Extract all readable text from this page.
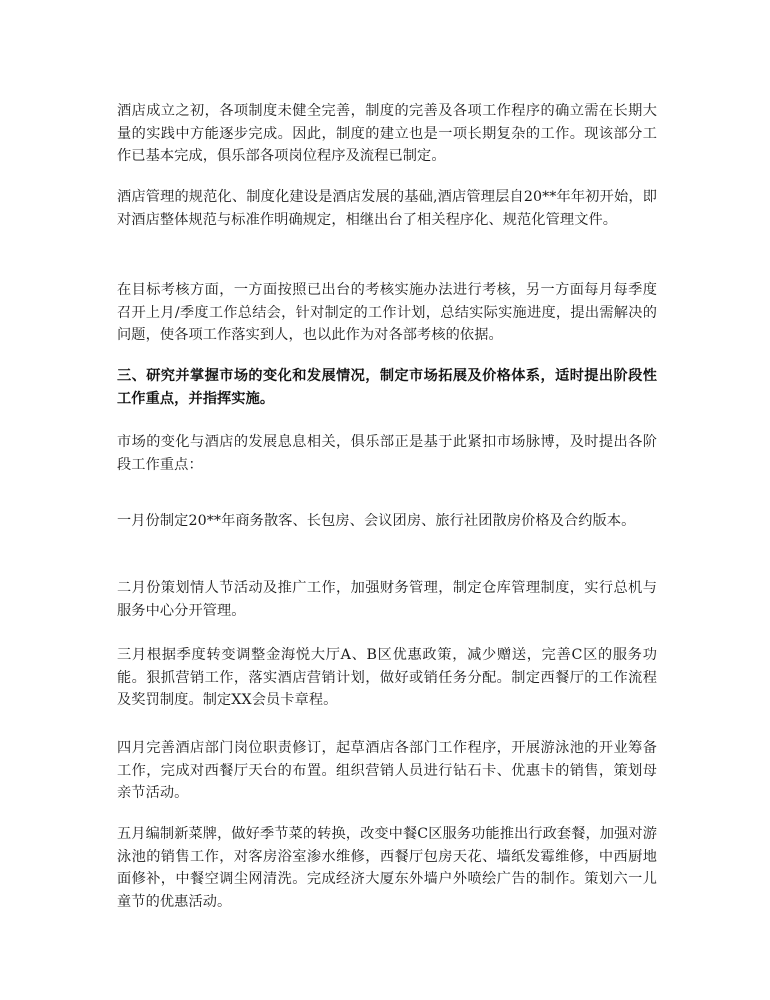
酒店成立之初，各项制度未健全完善，制度的完善及各项工作程序的确立需在长期大量的实践中方能逐步完成。因此，制度的建立也是一项长期复杂的工作。现该部分工作已基本完成，俱乐部各项岗位程序及流程已制定。

酒店管理的规范化、制度化建设是酒店发展的基础,酒店管理层自20**年年初开始，即对酒店整体规范与标准作明确规定，相继出台了相关程序化、规范化管理文件。

在目标考核方面，一方面按照已出台的考核实施办法进行考核，另一方面每月每季度召开上月/季度工作总结会，针对制定的工作计划，总结实际实施进度，提出需解决的问题，使各项工作落实到人，也以此作为对各部考核的依据。

三、研究并掌握市场的变化和发展情况，制定市场拓展及价格体系，适时提出阶段性工作重点，并指挥实施。

市场的变化与酒店的发展息息相关，俱乐部正是基于此紧扣市场脉博，及时提出各阶段工作重点：

一月份制定20**年商务散客、长包房、会议团房、旅行社团散房价格及合约版本。

二月份策划情人节活动及推广工作，加强财务管理，制定仓库管理制度，实行总机与服务中心分开管理。

三月根据季度转变调整金海悦大厅A、B区优惠政策，减少赠送，完善C区的服务功能。狠抓营销工作，落实酒店营销计划，做好或销任务分配。制定西餐厅的工作流程及奖罚制度。制定XX会员卡章程。

四月完善酒店部门岗位职责修订，起草酒店各部门工作程序，开展游泳池的开业筹备工作，完成对西餐厅天台的布置。组织营销人员进行钻石卡、优惠卡的销售，策划母亲节活动。

五月编制新菜牌，做好季节菜的转换，改变中餐C区服务功能推出行政套餐，加强对游泳池的销售工作，对客房浴室渗水维修，西餐厅包房天花、墙纸发霉维修，中西厨地面修补，中餐空调尘网清洗。完成经济大厦东外墙户外喷绘广告的制作。策划六一儿童节的优惠活动。
